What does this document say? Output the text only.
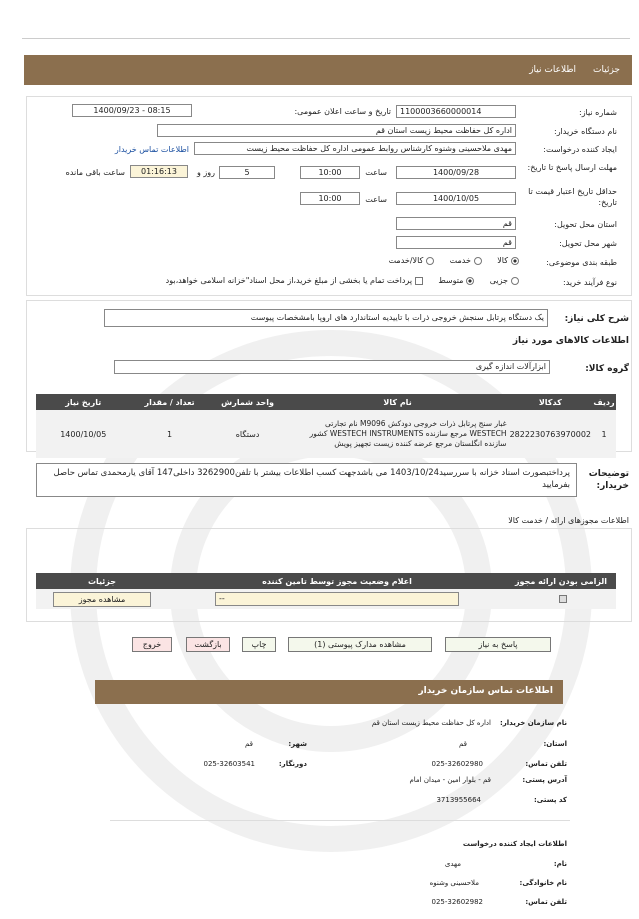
جزئیات
اطلاعات نیاز
شماره نیاز:
1100003660000014
تاریخ و ساعت اعلان عمومی:
1400/09/23 - 08:15
نام دستگاه خریدار:
اداره کل حفاظت محیط زیست استان قم
ایجاد کننده درخواست:
مهدی ملاحسینی وشنوه کارشناس روابط عمومی اداره کل حفاظت محیط زیست
اطلاعات تماس خریدار
مهلت ارسال پاسخ تا تاریخ:
1400/09/28
ساعت
10:00
5
روز و
01:16:13
ساعت باقی مانده
حداقل تاریخ اعتبار قیمت تا تاریخ:
1400/10/05
ساعت
10:00
استان محل تحویل:
قم
شهر محل تحویل:
قم
طبقه بندی موضوعی:
کالا      خدمت      کالا/خدمت
نوع فرآیند خرید:
جزیی      متوسط      پرداخت تمام یا بخشی از مبلغ خرید،از محل اسناد"خزانه اسلامی خواهد،بود
شرح کلی نیاز:
یک دستگاه پرتابل سنجش خروجی ذرات با تاییدیه استاندارد های اروپا بامشخصات پیوست
اطلاعات کالاهای مورد نیاز
گروه کالا:
ابزارآلات اندازه گیری
ردیف	کدکالا	نام کالا	واحد شمارش	تعداد / مقدار	تاریخ نیاز
1	2822230763970002	غبار سنج پرتابل ذرات خروجی دودکش M9096 نام تجارتی WESTECH مرجع سازنده WESTECH INSTRUMENTS کشور سازنده انگلستان مرجع عرضه کننده زیست تجهیز پویش	دستگاه	1	1400/10/05
توضیحات خریدار:
پرداختبصورت اسناد خزانه با سررسید1403/10/24 می باشدجهت کسب اطلاعات بیشتر با تلفن3262900 داخلی147 آقای یارمحمدی تماس حاصل بفرمایید
اطلاعات مجوزهای ارائه / خدمت کالا
الزامی بودن ارائه مجوز	اعلام وضعیت مجوز توسط تامین کننده	جزئیات
	--	مشاهده مجوز
پاسخ به نیاز
مشاهده مدارک پیوستی (1)
چاپ
بازگشت
خروج
اطلاعات تماس سازمان خریدار
نام سازمان خریدار:
اداره کل حفاظت محیط زیست استان قم
استان:
قم
شهر:
قم
تلفن تماس:
025-32602980
دورنگار:
025-32603541
آدرس پستی:
قم - بلوار امین - میدان امام
کد پستی:
3713955664
اطلاعات ایجاد کننده درخواست
نام:
مهدی
نام خانوادگی:
ملاحسینی وشنوه
تلفن تماس:
025-32602982
